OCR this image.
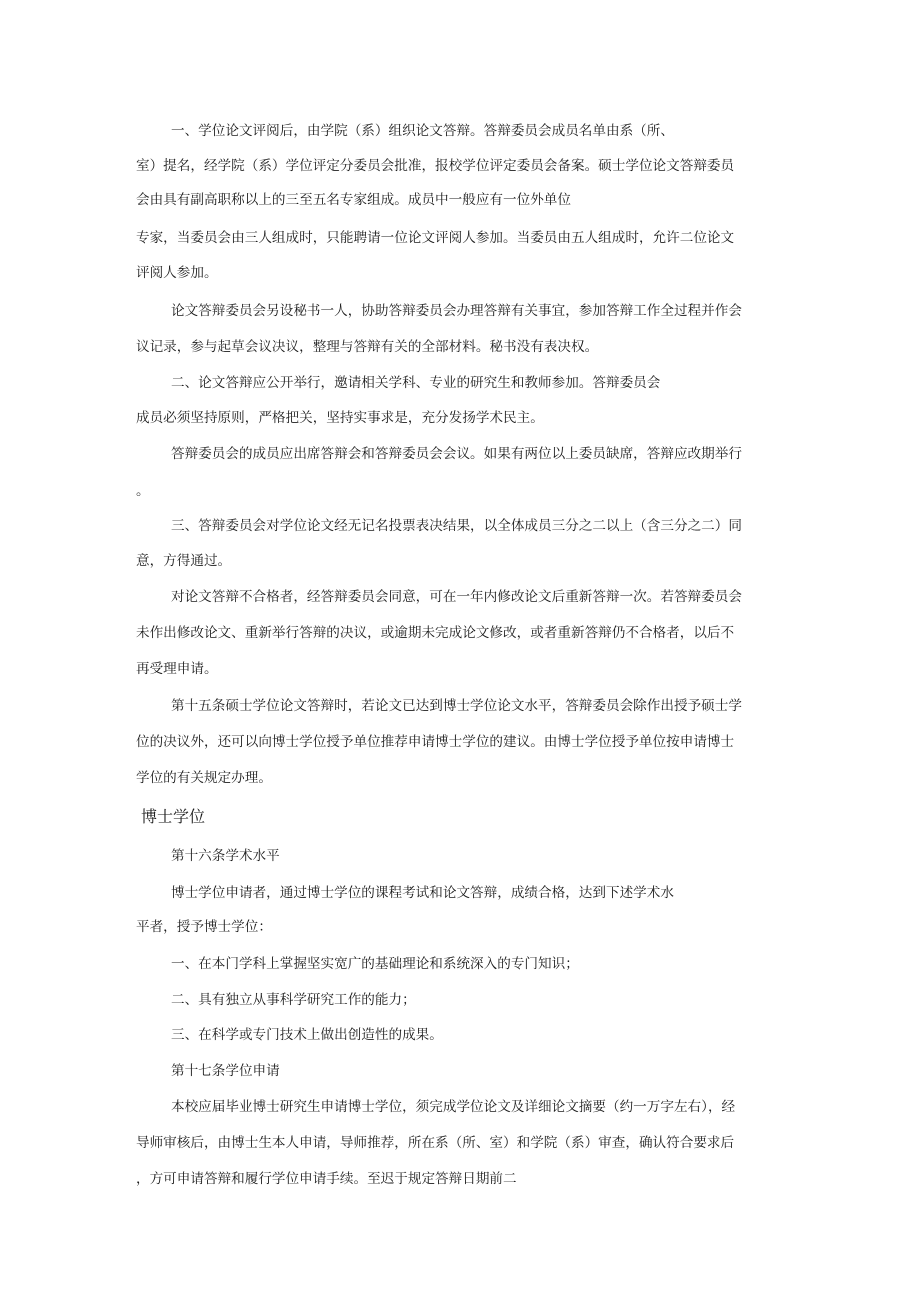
一、学位论文评阅后，由学院（系）组织论文答辩。答辩委员会成员名单由系（所、
室）提名，经学院（系）学位评定分委员会批准，报校学位评定委员会备案。硕士学位论文答辩委员
会由具有副高职称以上的三至五名专家组成。成员中一般应有一位外单位
专家，当委员会由三人组成时，只能聘请一位论文评阅人参加。当委员由五人组成时，允许二位论文
评阅人参加。
论文答辩委员会另设秘书一人，协助答辩委员会办理答辩有关事宜，参加答辩工作全过程并作会
议记录，参与起草会议决议，整理与答辩有关的全部材料。秘书没有表决权。
二、论文答辩应公开举行，邀请相关学科、专业的研究生和教师参加。答辩委员会
成员必须坚持原则，严格把关，坚持实事求是，充分发扬学术民主。
答辩委员会的成员应出席答辩会和答辩委员会会议。如果有两位以上委员缺席，答辩应改期举行
。
三、答辩委员会对学位论文经无记名投票表决结果，以全体成员三分之二以上（含三分之二）同
意，方得通过。
对论文答辩不合格者，经答辩委员会同意，可在一年内修改论文后重新答辩一次。若答辩委员会
未作出修改论文、重新举行答辩的决议，或逾期未完成论文修改，或者重新答辩仍不合格者，以后不
再受理申请。
第十五条硕士学位论文答辩时，若论文已达到博士学位论文水平，答辩委员会除作出授予硕士学
位的决议外，还可以向博士学位授予单位推荐申请博士学位的建议。由博士学位授予单位按申请博士
学位的有关规定办理。
博士学位
第十六条学术水平
博士学位申请者，通过博士学位的课程考试和论文答辩，成绩合格，达到下述学术水
平者，授予博士学位：
一、在本门学科上掌握坚实宽广的基础理论和系统深入的专门知识；
二、具有独立从事科学研究工作的能力；
三、在科学或专门技术上做出创造性的成果。
第十七条学位申请
本校应届毕业博士研究生申请博士学位，须完成学位论文及详细论文摘要（约一万字左右），经
导师审核后，由博士生本人申请，导师推荐，所在系（所、室）和学院（系）审查，确认符合要求后
，方可申请答辩和履行学位申请手续。至迟于规定答辩日期前二
